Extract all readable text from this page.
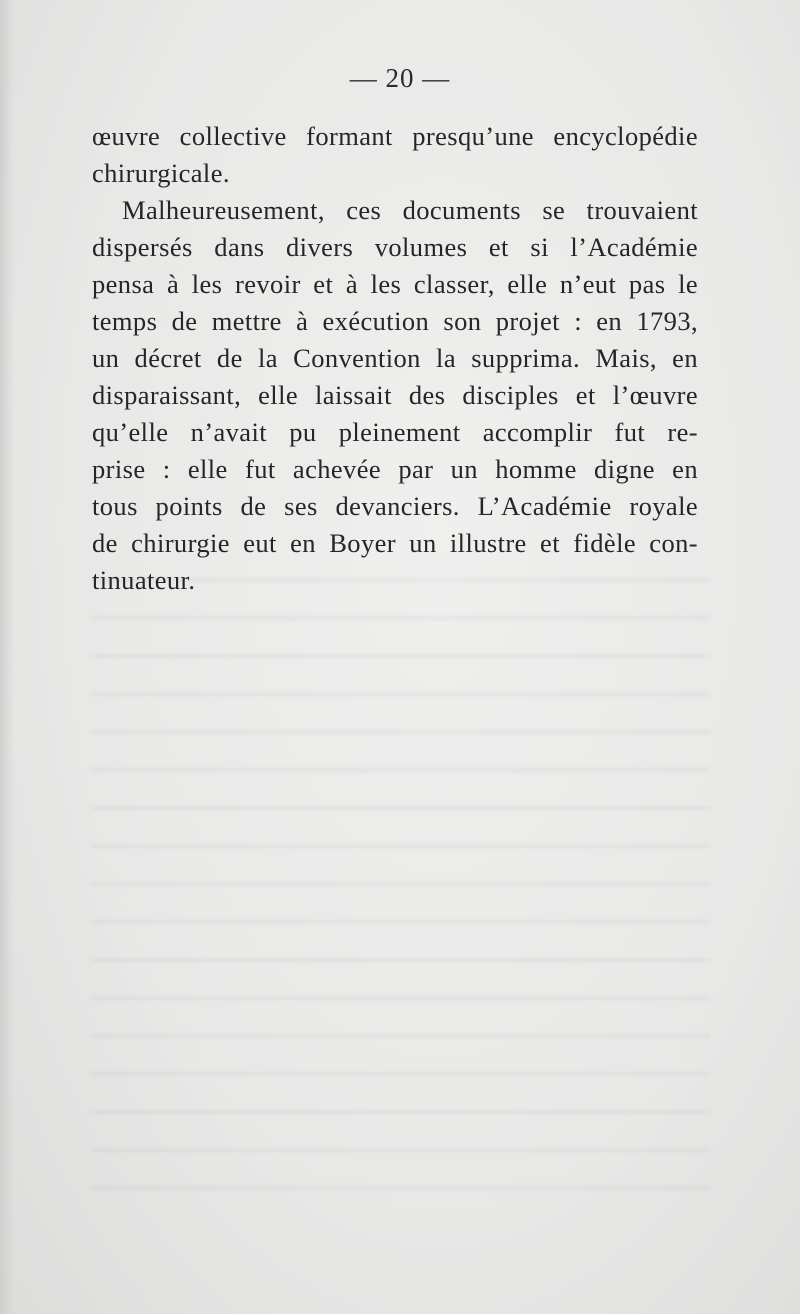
— 20 —
œuvre collective formant presqu’une encyclopédie
chirurgicale.
Malheureusement, ces documents se trouvaient
dispersés dans divers volumes et si l’Académie
pensa à les revoir et à les classer, elle n’eut pas le
temps de mettre à exécution son projet : en 1793,
un décret de la Convention la supprima. Mais, en
disparaissant, elle laissait des disciples et l’œuvre
qu’elle n’avait pu pleinement accomplir fut re-
prise : elle fut achevée par un homme digne en
tous points de ses devanciers. L’Académie royale
de chirurgie eut en Boyer un illustre et fidèle con-
tinuateur.
